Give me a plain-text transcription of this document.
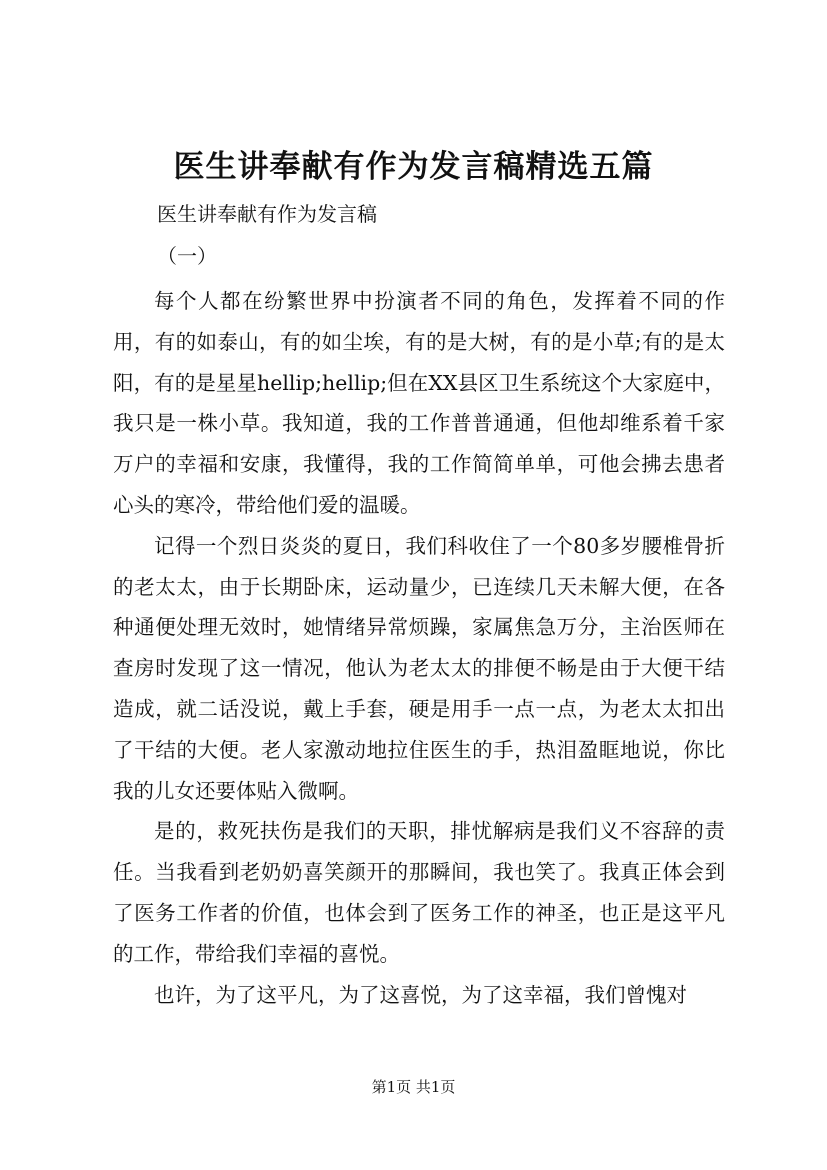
医生讲奉献有作为发言稿精选五篇

医生讲奉献有作为发言稿

（一）

每个人都在纷繁世界中扮演者不同的角色，发挥着不同的作用，有的如泰山，有的如尘埃，有的是大树，有的是小草;有的是太阳，有的是星星hellip;hellip;但在XX县区卫生系统这个大家庭中，我只是一株小草。我知道，我的工作普普通通，但他却维系着千家万户的幸福和安康，我懂得，我的工作简简单单，可他会拂去患者心头的寒冷，带给他们爱的温暖。

记得一个烈日炎炎的夏日，我们科收住了一个80多岁腰椎骨折的老太太，由于长期卧床，运动量少，已连续几天未解大便，在各种通便处理无效时，她情绪异常烦躁，家属焦急万分，主治医师在查房时发现了这一情况，他认为老太太的排便不畅是由于大便干结造成，就二话没说，戴上手套，硬是用手一点一点，为老太太扣出了干结的大便。老人家激动地拉住医生的手，热泪盈眶地说，你比我的儿女还要体贴入微啊。

是的，救死扶伤是我们的天职，排忧解病是我们义不容辞的责任。当我看到老奶奶喜笑颜开的那瞬间，我也笑了。我真正体会到了医务工作者的价值，也体会到了医务工作的神圣，也正是这平凡的工作，带给我们幸福的喜悦。

也许，为了这平凡，为了这喜悦，为了这幸福，我们曾愧对

第1页 共1页
